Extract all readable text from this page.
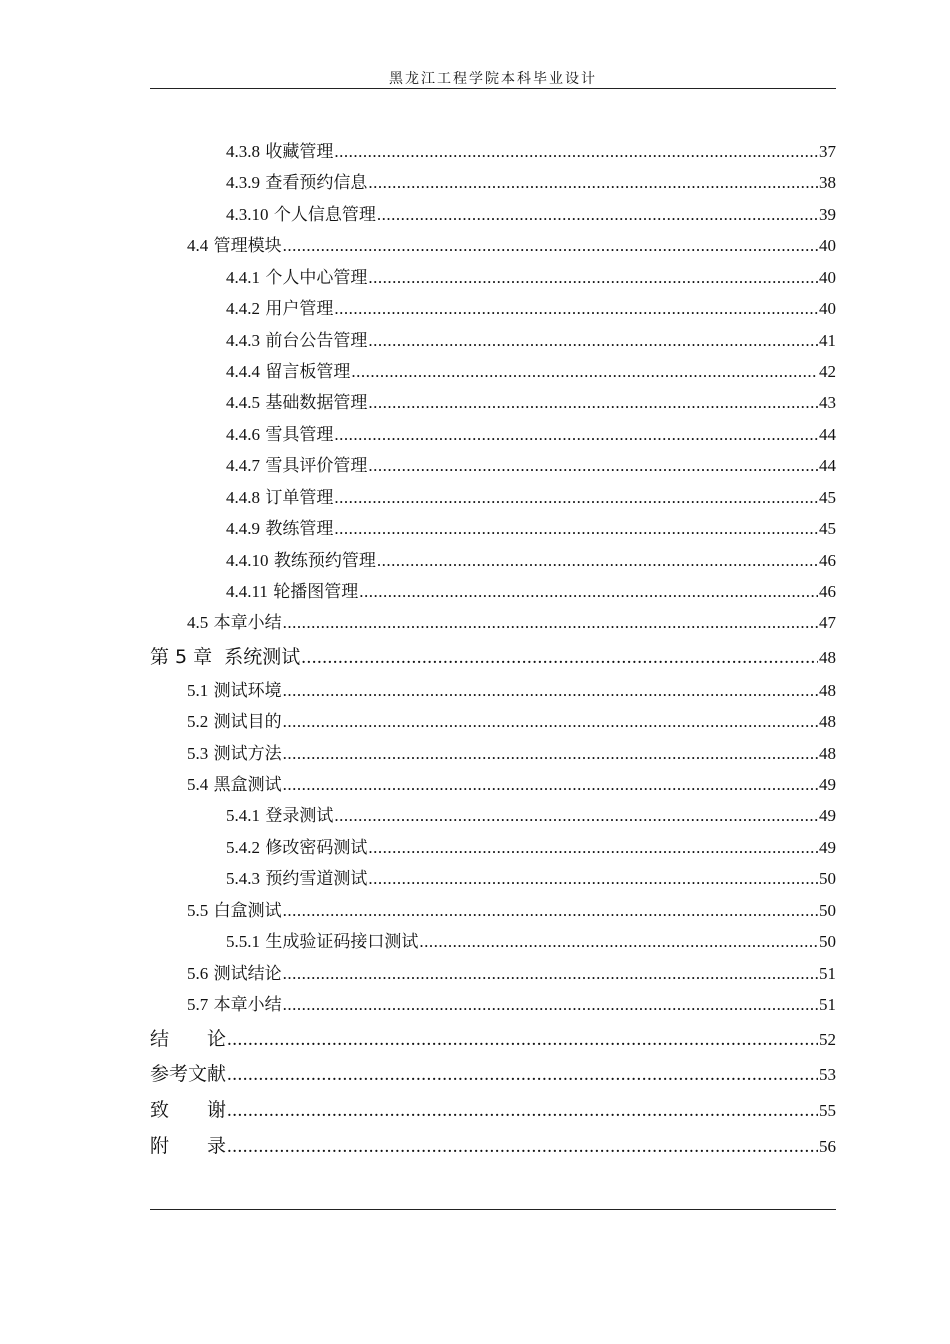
黑龙江工程学院本科毕业设计
4.3.8 收藏管理 .....	37
4.3.9 查看预约信息 .....	38
4.3.10 个人信息管理 .....	39
4.4 管理模块 .....	40
4.4.1 个人中心管理 .....	40
4.4.2 用户管理 .....	40
4.4.3 前台公告管理 .....	41
4.4.4 留言板管理 .....	42
4.4.5 基础数据管理 .....	43
4.4.6 雪具管理 .....	44
4.4.7 雪具评价管理 .....	44
4.4.8 订单管理 .....	45
4.4.9 教练管理 .....	45
4.4.10 教练预约管理 .....	46
4.4.11 轮播图管理 .....	46
4.5 本章小结 .....	47
第 5 章 系统测试 .....	48
5.1 测试环境 .....	48
5.2 测试目的 .....	48
5.3 测试方法 .....	48
5.4 黑盒测试 .....	49
5.4.1 登录测试 .....	49
5.4.2 修改密码测试 .....	49
5.4.3 预约雪道测试 .....	50
5.5 白盒测试 .....	50
5.5.1 生成验证码接口测试 .....	50
5.6 测试结论 .....	51
5.7 本章小结 .....	51
结　　论 .....	52
参考文献 .....	53
致　　谢 .....	55
附　　录 .....	56
